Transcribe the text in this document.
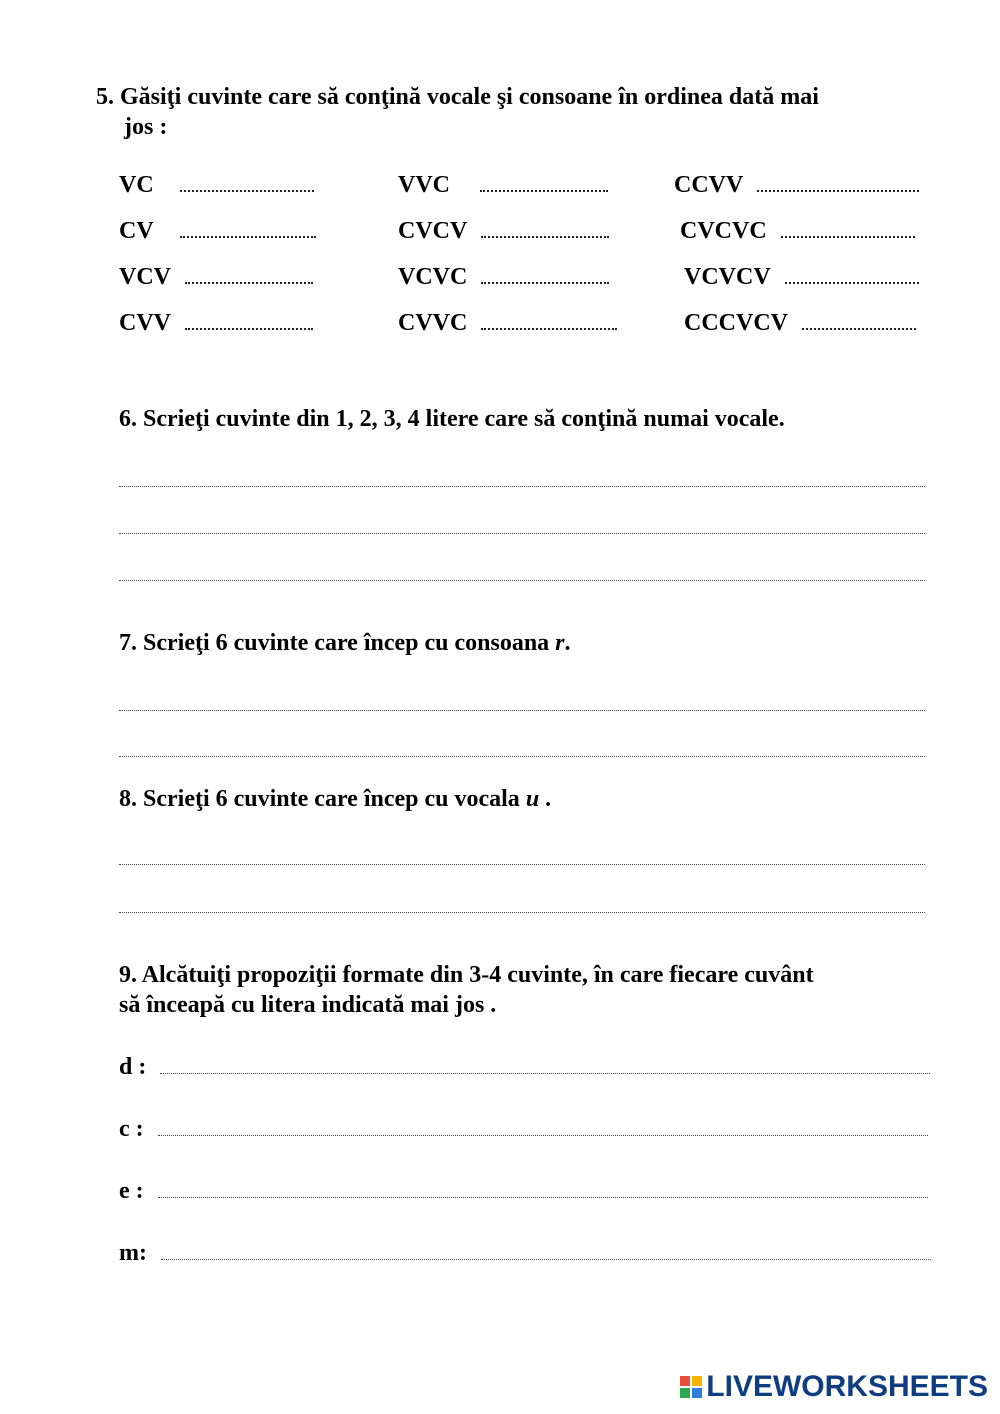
5. Găsiţi cuvinte care să conţină vocale şi consoane în ordinea dată mai
jos :
VC
CV
VCV
CVV
VVC
CVCV
VCVC
CVVC
CCVV
CVCVC
VCVCV
CCCVCV
6. Scrieţi cuvinte din 1, 2, 3, 4 litere care să conţină numai vocale.
7. Scrieţi 6 cuvinte care încep cu consoana r.
8. Scrieţi 6 cuvinte care încep cu vocala u .
9. Alcătuiţi propoziţii formate din 3-4 cuvinte, în care fiecare cuvânt
să înceapă cu litera indicată mai jos .
d :
c :
e :
m:
LIVEWORKSHEETS
